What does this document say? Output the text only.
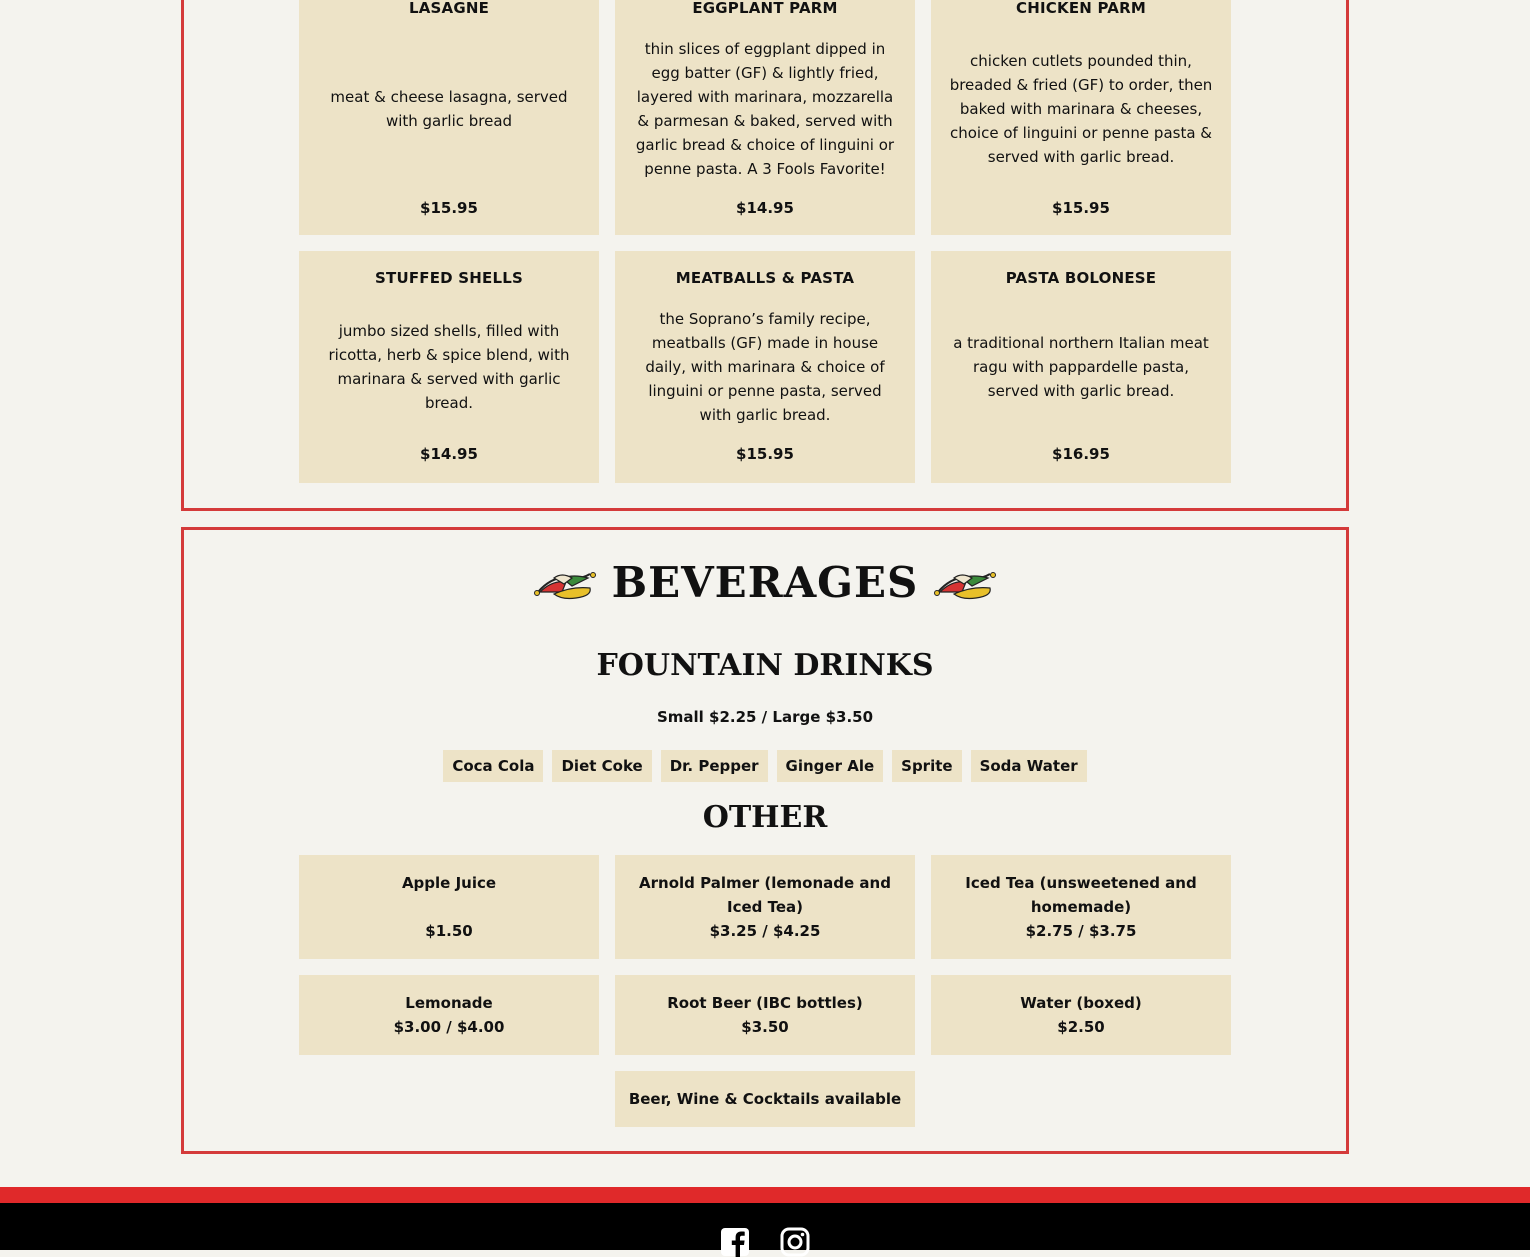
LASAGNE
meat & cheese lasagna, served with garlic bread
$15.95
EGGPLANT PARM
thin slices of eggplant dipped in egg batter (GF) & lightly fried, layered with marinara, mozzarella & parmesan & baked, served with garlic bread & choice of linguini or penne pasta. A 3 Fools Favorite!
$14.95
CHICKEN PARM
chicken cutlets pounded thin, breaded & fried (GF) to order, then baked with marinara & cheeses, choice of linguini or penne pasta & served with garlic bread.
$15.95
STUFFED SHELLS
jumbo sized shells, filled with ricotta, herb & spice blend, with marinara & served with garlic bread.
$14.95
MEATBALLS & PASTA
the Soprano’s family recipe, meatballs (GF) made in house daily, with marinara & choice of linguini or penne pasta, served with garlic bread.
$15.95
PASTA BOLONESE
a traditional northern Italian meat ragu with pappardelle pasta, served with garlic bread.
$16.95
BEVERAGES
FOUNTAIN DRINKS
Small $2.25 / Large $3.50
Coca Cola	Diet Coke	Dr. Pepper	Ginger Ale	Sprite	Soda Water
OTHER
Apple Juice
$1.50
Arnold Palmer (lemonade and Iced Tea)
$3.25 / $4.25
Iced Tea (unsweetened and homemade)
$2.75 / $3.75
Lemonade
$3.00 / $4.00
Root Beer (IBC bottles)
$3.50
Water (boxed)
$2.50
Beer, Wine & Cocktails available
